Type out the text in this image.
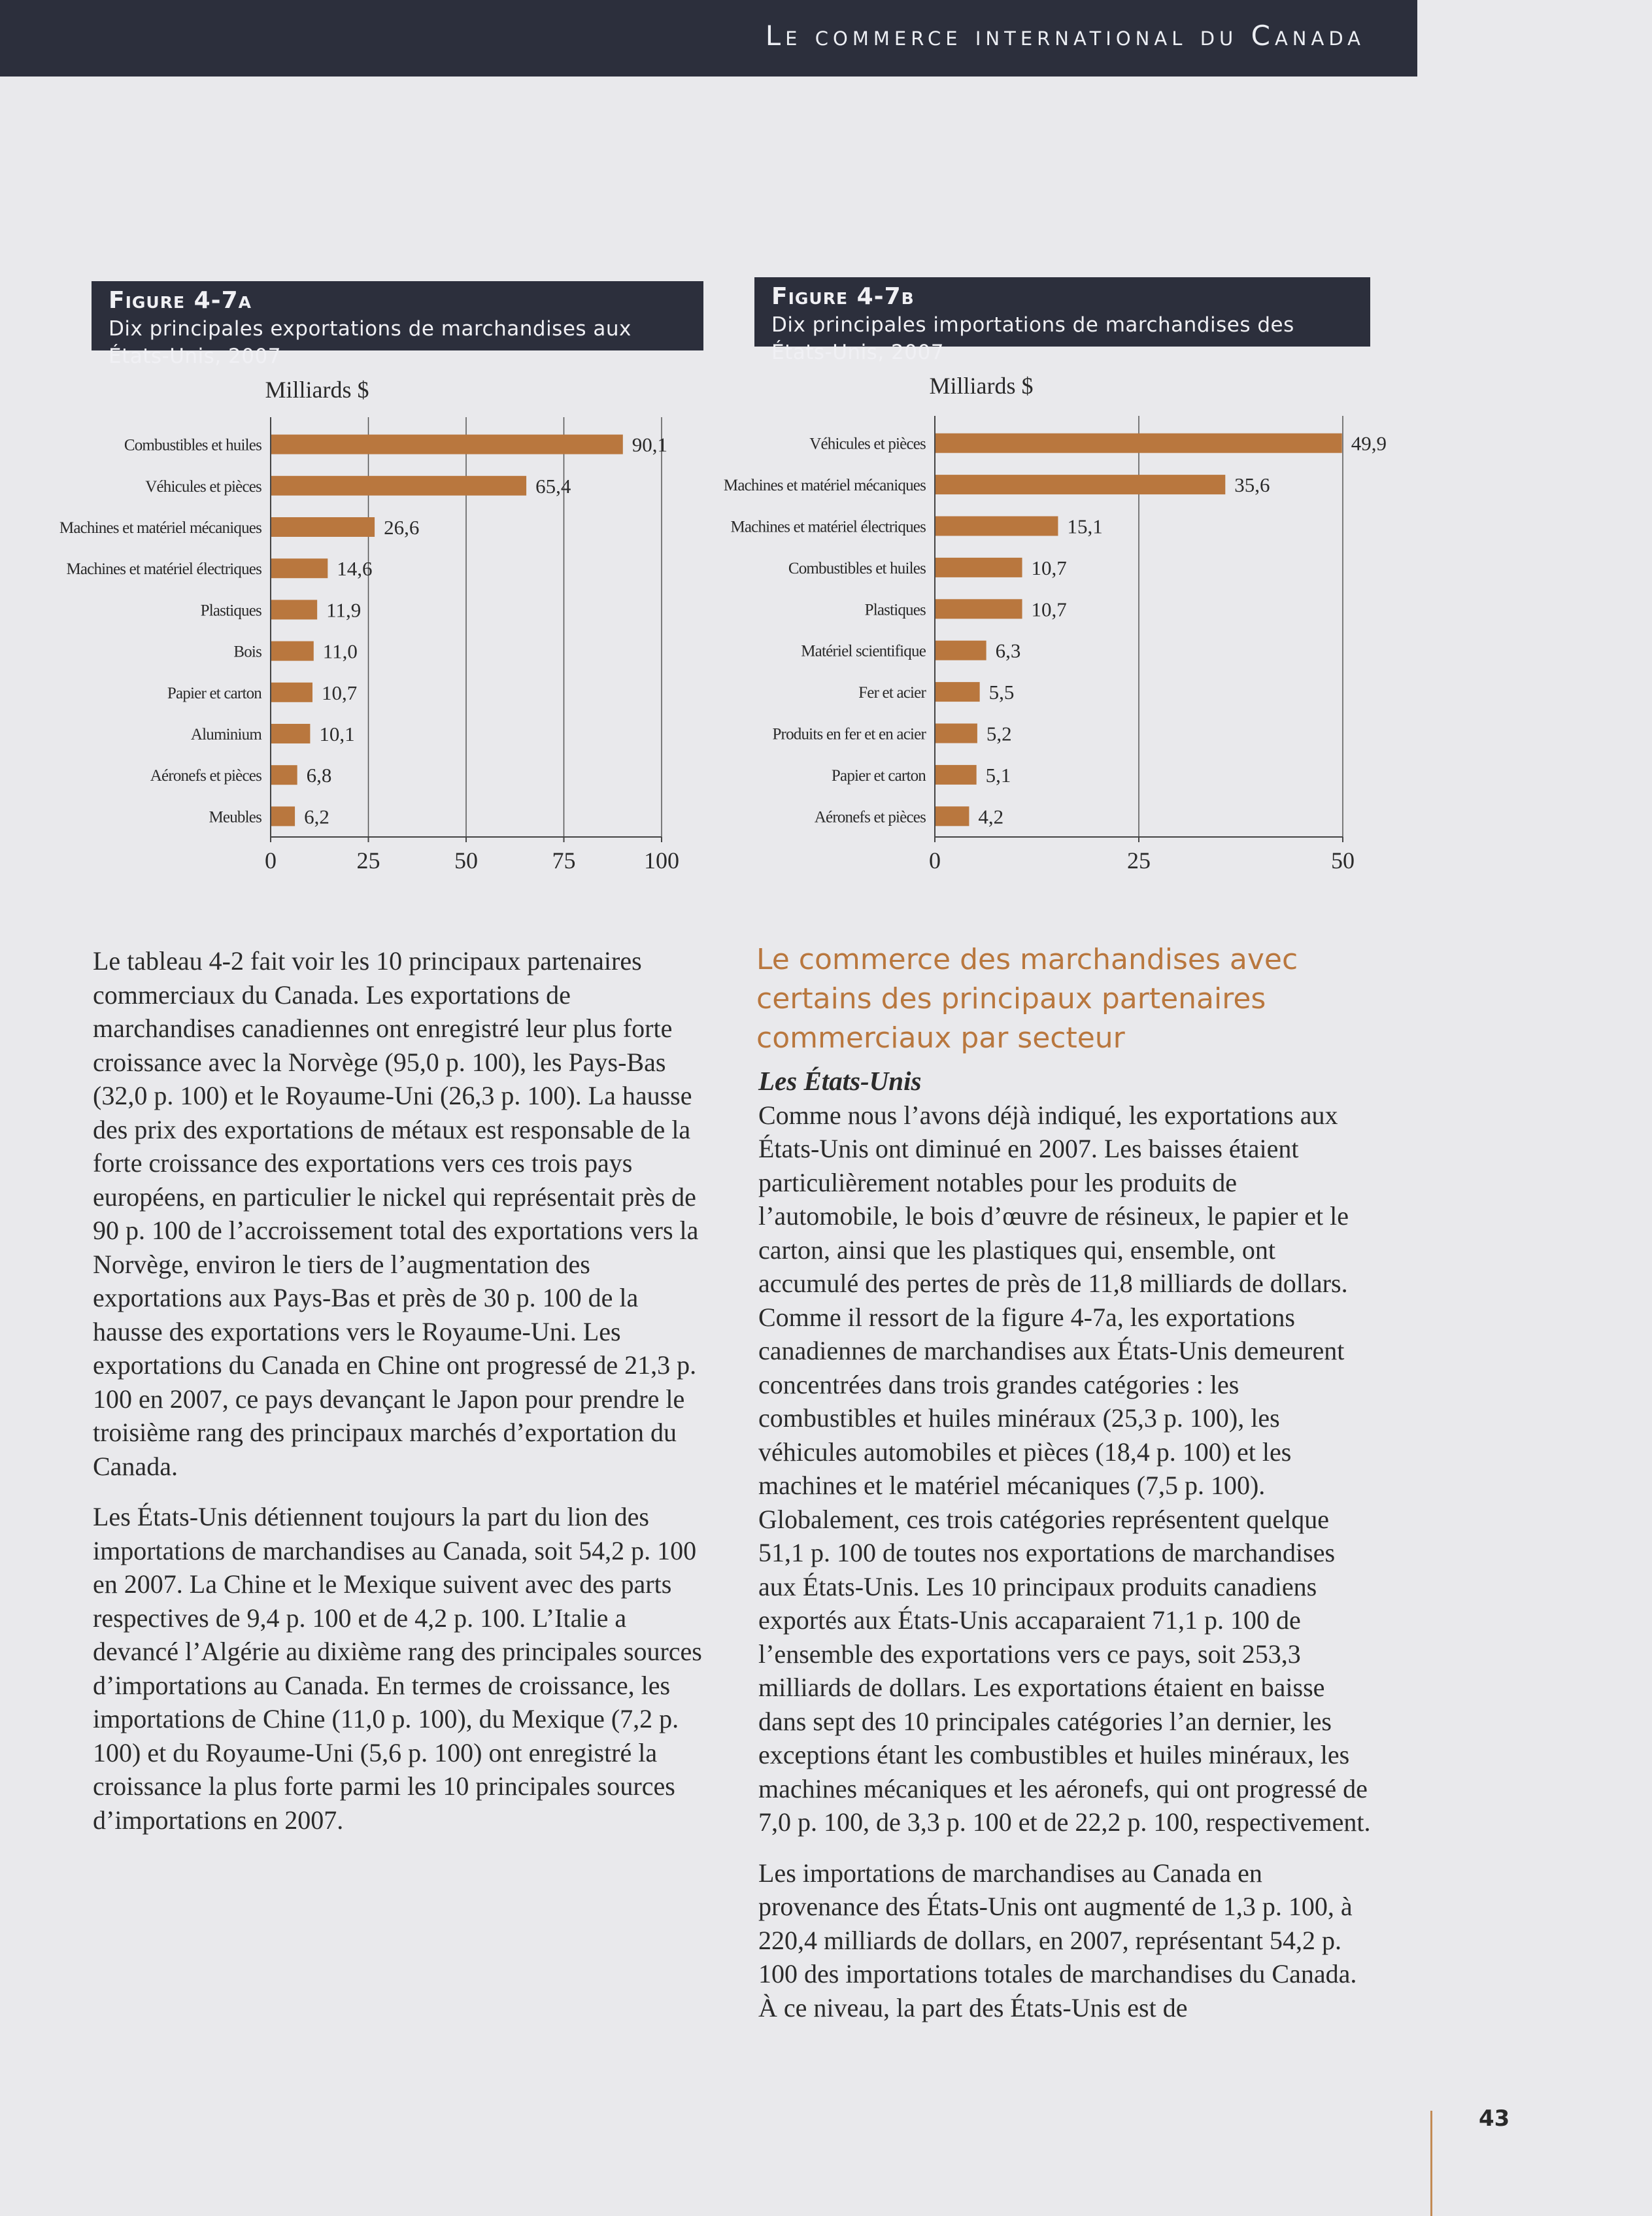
Le commerce international du Canada
Figure 4-7a
Dix principales exportations de marchandises aux États-Unis, 2007
Figure 4-7b
Dix principales importations de marchandises des États-Unis, 2007
Milliards $
0	25	50	75	100
Combustibles et huiles	90,1
Véhicules et pièces	65,4
Machines et matériel mécaniques	26,6
Machines et matériel électriques	14,6
Plastiques	11,9
Bois	11,0
Papier et carton	10,7
Aluminium	10,1
Aéronefs et pièces 6,8
Meubles 6,2
Milliards $
0	25	50
Véhicules et pièces	49,9
Machines et matériel mécaniques	35,6
Machines et matériel électriques	15,1
Combustibles et huiles	10,7
Plastiques	10,7
Matériel scientifique	6,3
Fer et acier	5,5
Produits en fer et en acier	5,2
Papier et carton	5,1
Aéronefs et pièces	4,2

Le tableau 4-2 fait voir les 10 principaux partenaires commerciaux du Canada. Les exportations de marchandises canadiennes ont enregistré leur plus forte croissance avec la Norvège (95,0 p. 100), les Pays-Bas (32,0 p. 100) et le Royaume-Uni (26,3 p. 100). La hausse des prix des exportations de métaux est responsable de la forte croissance des exportations vers ces trois pays européens, en particulier le nickel qui représentait près de 90 p. 100 de l’accroissement total des exportations vers la Norvège, environ le tiers de l’augmentation des exportations aux Pays-Bas et près de 30 p. 100 de la hausse des exportations vers le Royaume-Uni. Les exportations du Canada en Chine ont progressé de 21,3 p. 100 en 2007, ce pays devançant le Japon pour prendre le troisième rang des principaux marchés d’exportation du Canada.

Les États-Unis détiennent toujours la part du lion des importations de marchandises au Canada, soit 54,2 p. 100 en 2007. La Chine et le Mexique suivent avec des parts respectives de 9,4 p. 100 et de 4,2 p. 100. L’Italie a devancé l’Algérie au dixième rang des principales sources d’importations au Canada. En termes de croissance, les importations de Chine (11,0 p. 100), du Mexique (7,2 p. 100) et du Royaume-Uni (5,6 p. 100) ont enregistré la croissance la plus forte parmi les 10 principales sources d’importations en 2007.

Le commerce des marchandises avec certains des principaux partenaires commerciaux par secteur
Les États-Unis

Comme nous l’avons déjà indiqué, les exportations aux États-Unis ont diminué en 2007. Les baisses étaient particulièrement notables pour les produits de l’automobile, le bois d’œuvre de résineux, le papier et le carton, ainsi que les plastiques qui, ensemble, ont accumulé des pertes de près de 11,8 milliards de dollars. Comme il ressort de la figure 4-7a, les exportations canadiennes de marchandises aux États-Unis demeurent concentrées dans trois grandes catégories : les combustibles et huiles minéraux (25,3 p. 100), les véhicules automobiles et pièces (18,4 p. 100) et les machines et le matériel mécaniques (7,5 p. 100). Globalement, ces trois catégories représentent quelque 51,1 p. 100 de toutes nos exportations de marchandises aux États-Unis. Les 10 principaux produits canadiens exportés aux États-Unis accaparaient 71,1 p. 100 de l’ensemble des exportations vers ce pays, soit 253,3 milliards de dollars. Les exportations étaient en baisse dans sept des 10 principales catégories l’an dernier, les exceptions étant les combustibles et huiles minéraux, les machines mécaniques et les aéronefs, qui ont progressé de 7,0 p. 100, de 3,3 p. 100 et de 22,2 p. 100, respectivement.

Les importations de marchandises au Canada en provenance des États-Unis ont augmenté de 1,3 p. 100, à 220,4 milliards de dollars, en 2007, représentant 54,2 p. 100 des importations totales de marchandises du Canada. À ce niveau, la part des États-Unis est de

43
